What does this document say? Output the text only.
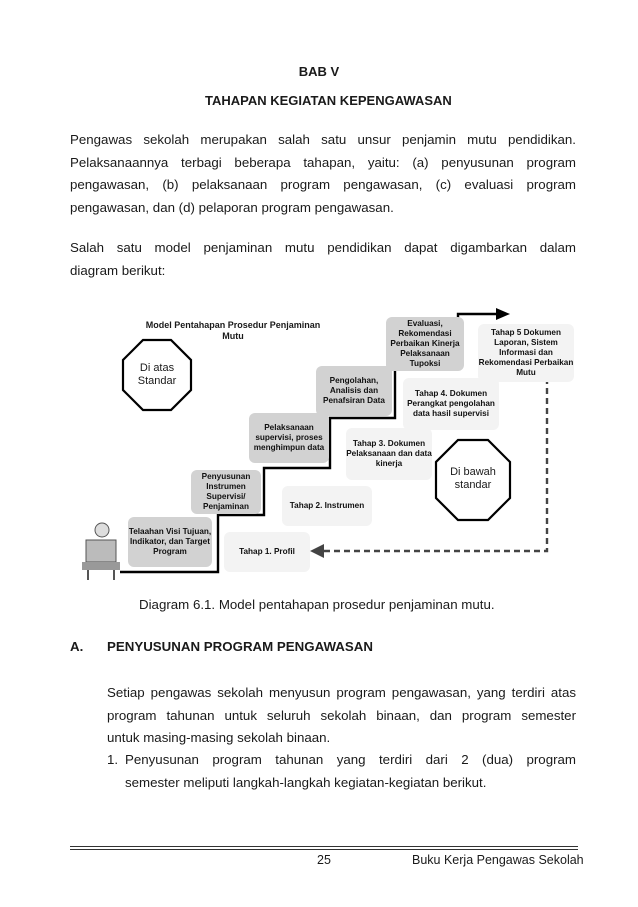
BAB V
TAHAPAN KEGIATAN KEPENGAWASAN
Pengawas sekolah merupakan salah satu unsur penjamin mutu pendidikan.
Pelaksanaannya terbagi beberapa tahapan, yaitu: (a) penyusunan program
pengawasan, (b) pelaksanaan program pengawasan, (c) evaluasi program
pengawasan, dan (d) pelaporan program pengawasan.
Salah satu model penjaminan mutu pendidikan dapat digambarkan dalam
diagram berikut:
Model Pentahapan Prosedur Penjaminan
Mutu
Di atas Standar
Di bawah standar
Telaahan Visi Tujuan, Indikator, dan Target Program
Penyusunan Instrumen Supervisi/ Penjaminan
Pelaksanaan supervisi, proses menghimpun data
Pengolahan, Analisis dan Penafsiran Data
Evaluasi, Rekomendasi Perbaikan Kinerja Pelaksanaan Tupoksi
Tahap 1. Profil
Tahap 2. Instrumen
Tahap 3. Dokumen Pelaksanaan dan data kinerja
Tahap 4. Dokumen Perangkat pengolahan data hasil supervisi
Tahap 5 Dokumen Laporan, Sistem Informasi dan Rekomendasi Perbaikan Mutu
Diagram 6.1. Model pentahapan prosedur penjaminan mutu.
A. PENYUSUNAN PROGRAM PENGAWASAN
Setiap pengawas sekolah menyusun program pengawasan, yang terdiri atas
program tahunan untuk seluruh sekolah binaan, dan program semester
untuk masing-masing sekolah binaan.
1. Penyusunan program tahunan yang terdiri dari 2 (dua) program
semester meliputi langkah-langkah kegiatan-kegiatan berikut.
25	Buku Kerja Pengawas Sekolah
